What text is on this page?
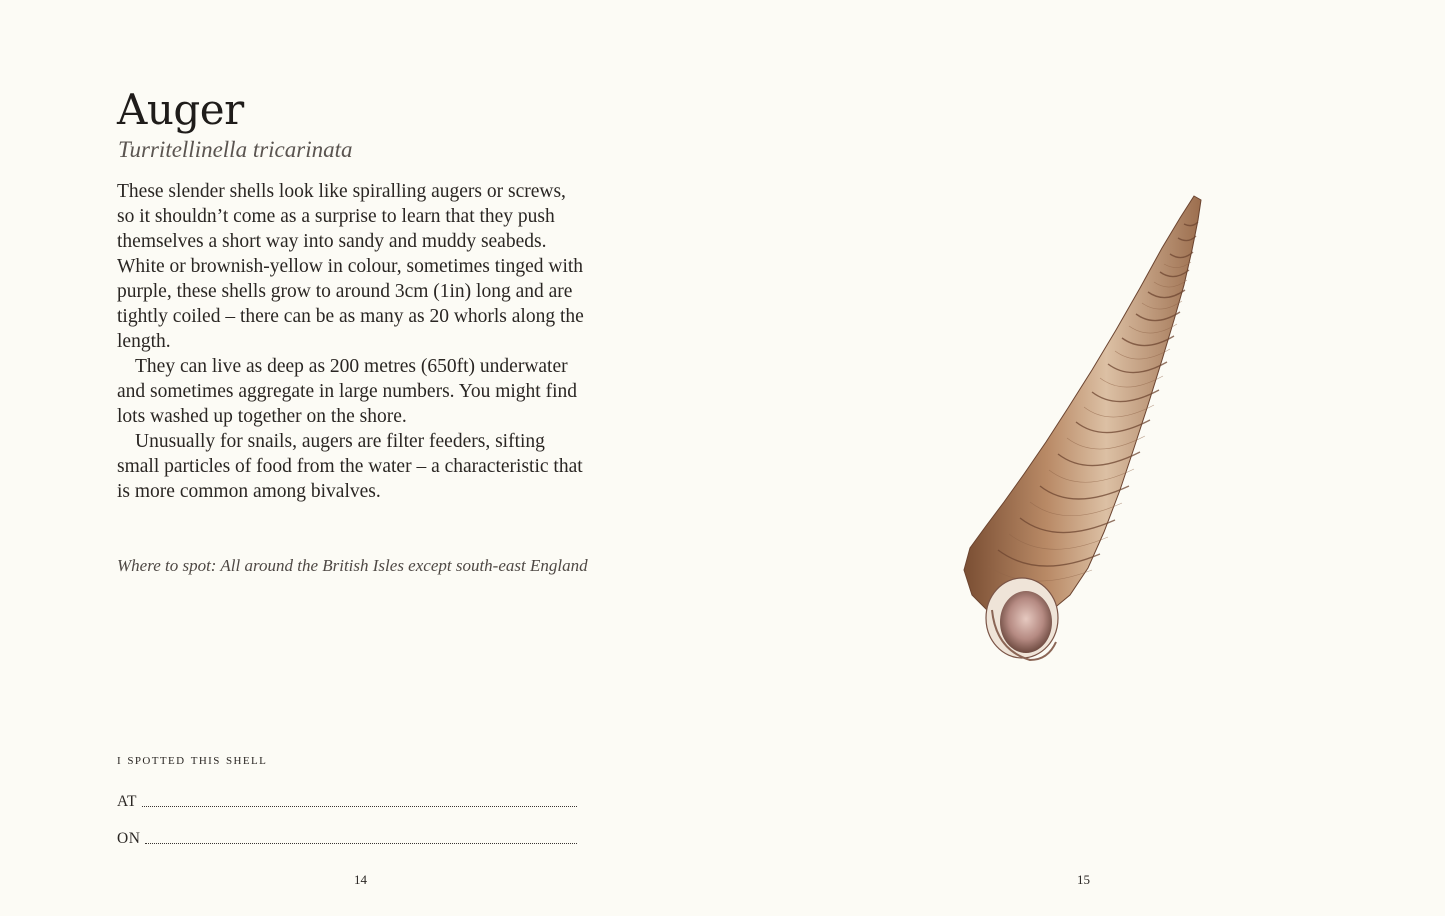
Auger
Turritellinella tricarinata

These slender shells look like spiralling augers or screws, so it shouldn’t come as a surprise to learn that they push themselves a short way into sandy and muddy seabeds. White or brownish-yellow in colour, sometimes tinged with purple, these shells grow to around 3cm (1in) long and are tightly coiled – there can be as many as 20 whorls along the length.

They can live as deep as 200 metres (650ft) underwater and sometimes aggregate in large numbers. You might find lots washed up together on the shore.

Unusually for snails, augers are filter feeders, sifting small particles of food from the water – a characteristic that is more common among bivalves.

Where to spot: All around the British Isles except south-east England
i spotted this shell
AT
ON
14	15
